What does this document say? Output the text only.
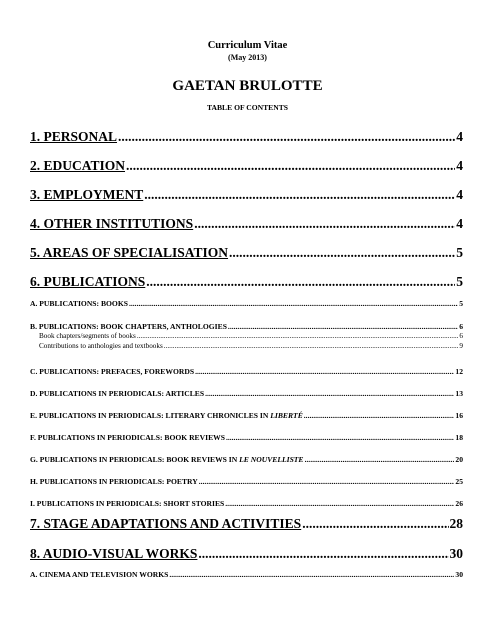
Curriculum Vitae
(May 2013)
GAETAN BRULOTTE
TABLE OF CONTENTS
1. PERSONAL .....	4
2. EDUCATION .....	4
3. EMPLOYMENT .....	4
4. OTHER INSTITUTIONS .....	4
5. AREAS OF SPECIALISATION .....	5
6. PUBLICATIONS .....	5
A. PUBLICATIONS: BOOKS .....	5
B. PUBLICATIONS: BOOK CHAPTERS, ANTHOLOGIES .....	6
Book chapters/segments of books .....	6
Contributions to anthologies and textbooks .....	9
C. PUBLICATIONS: PREFACES, FOREWORDS .....	12
D. PUBLICATIONS IN PERIODICALS: ARTICLES .....	13
E. PUBLICATIONS IN PERIODICALS: LITERARY CHRONICLES IN LIBERTÉ .....	16
F. PUBLICATIONS IN PERIODICALS: BOOK REVIEWS .....	18
G. PUBLICATIONS IN PERIODICALS: BOOK REVIEWS IN LE NOUVELLISTE .....	20
H. PUBLICATIONS IN PERIODICALS: POETRY .....	25
I. PUBLICATIONS IN PERIODICALS: SHORT STORIES .....	26
7. STAGE ADAPTATIONS AND ACTIVITIES .....	28
8. AUDIO-VISUAL WORKS .....	30
A. CINEMA AND TELEVISION WORKS .....	30
